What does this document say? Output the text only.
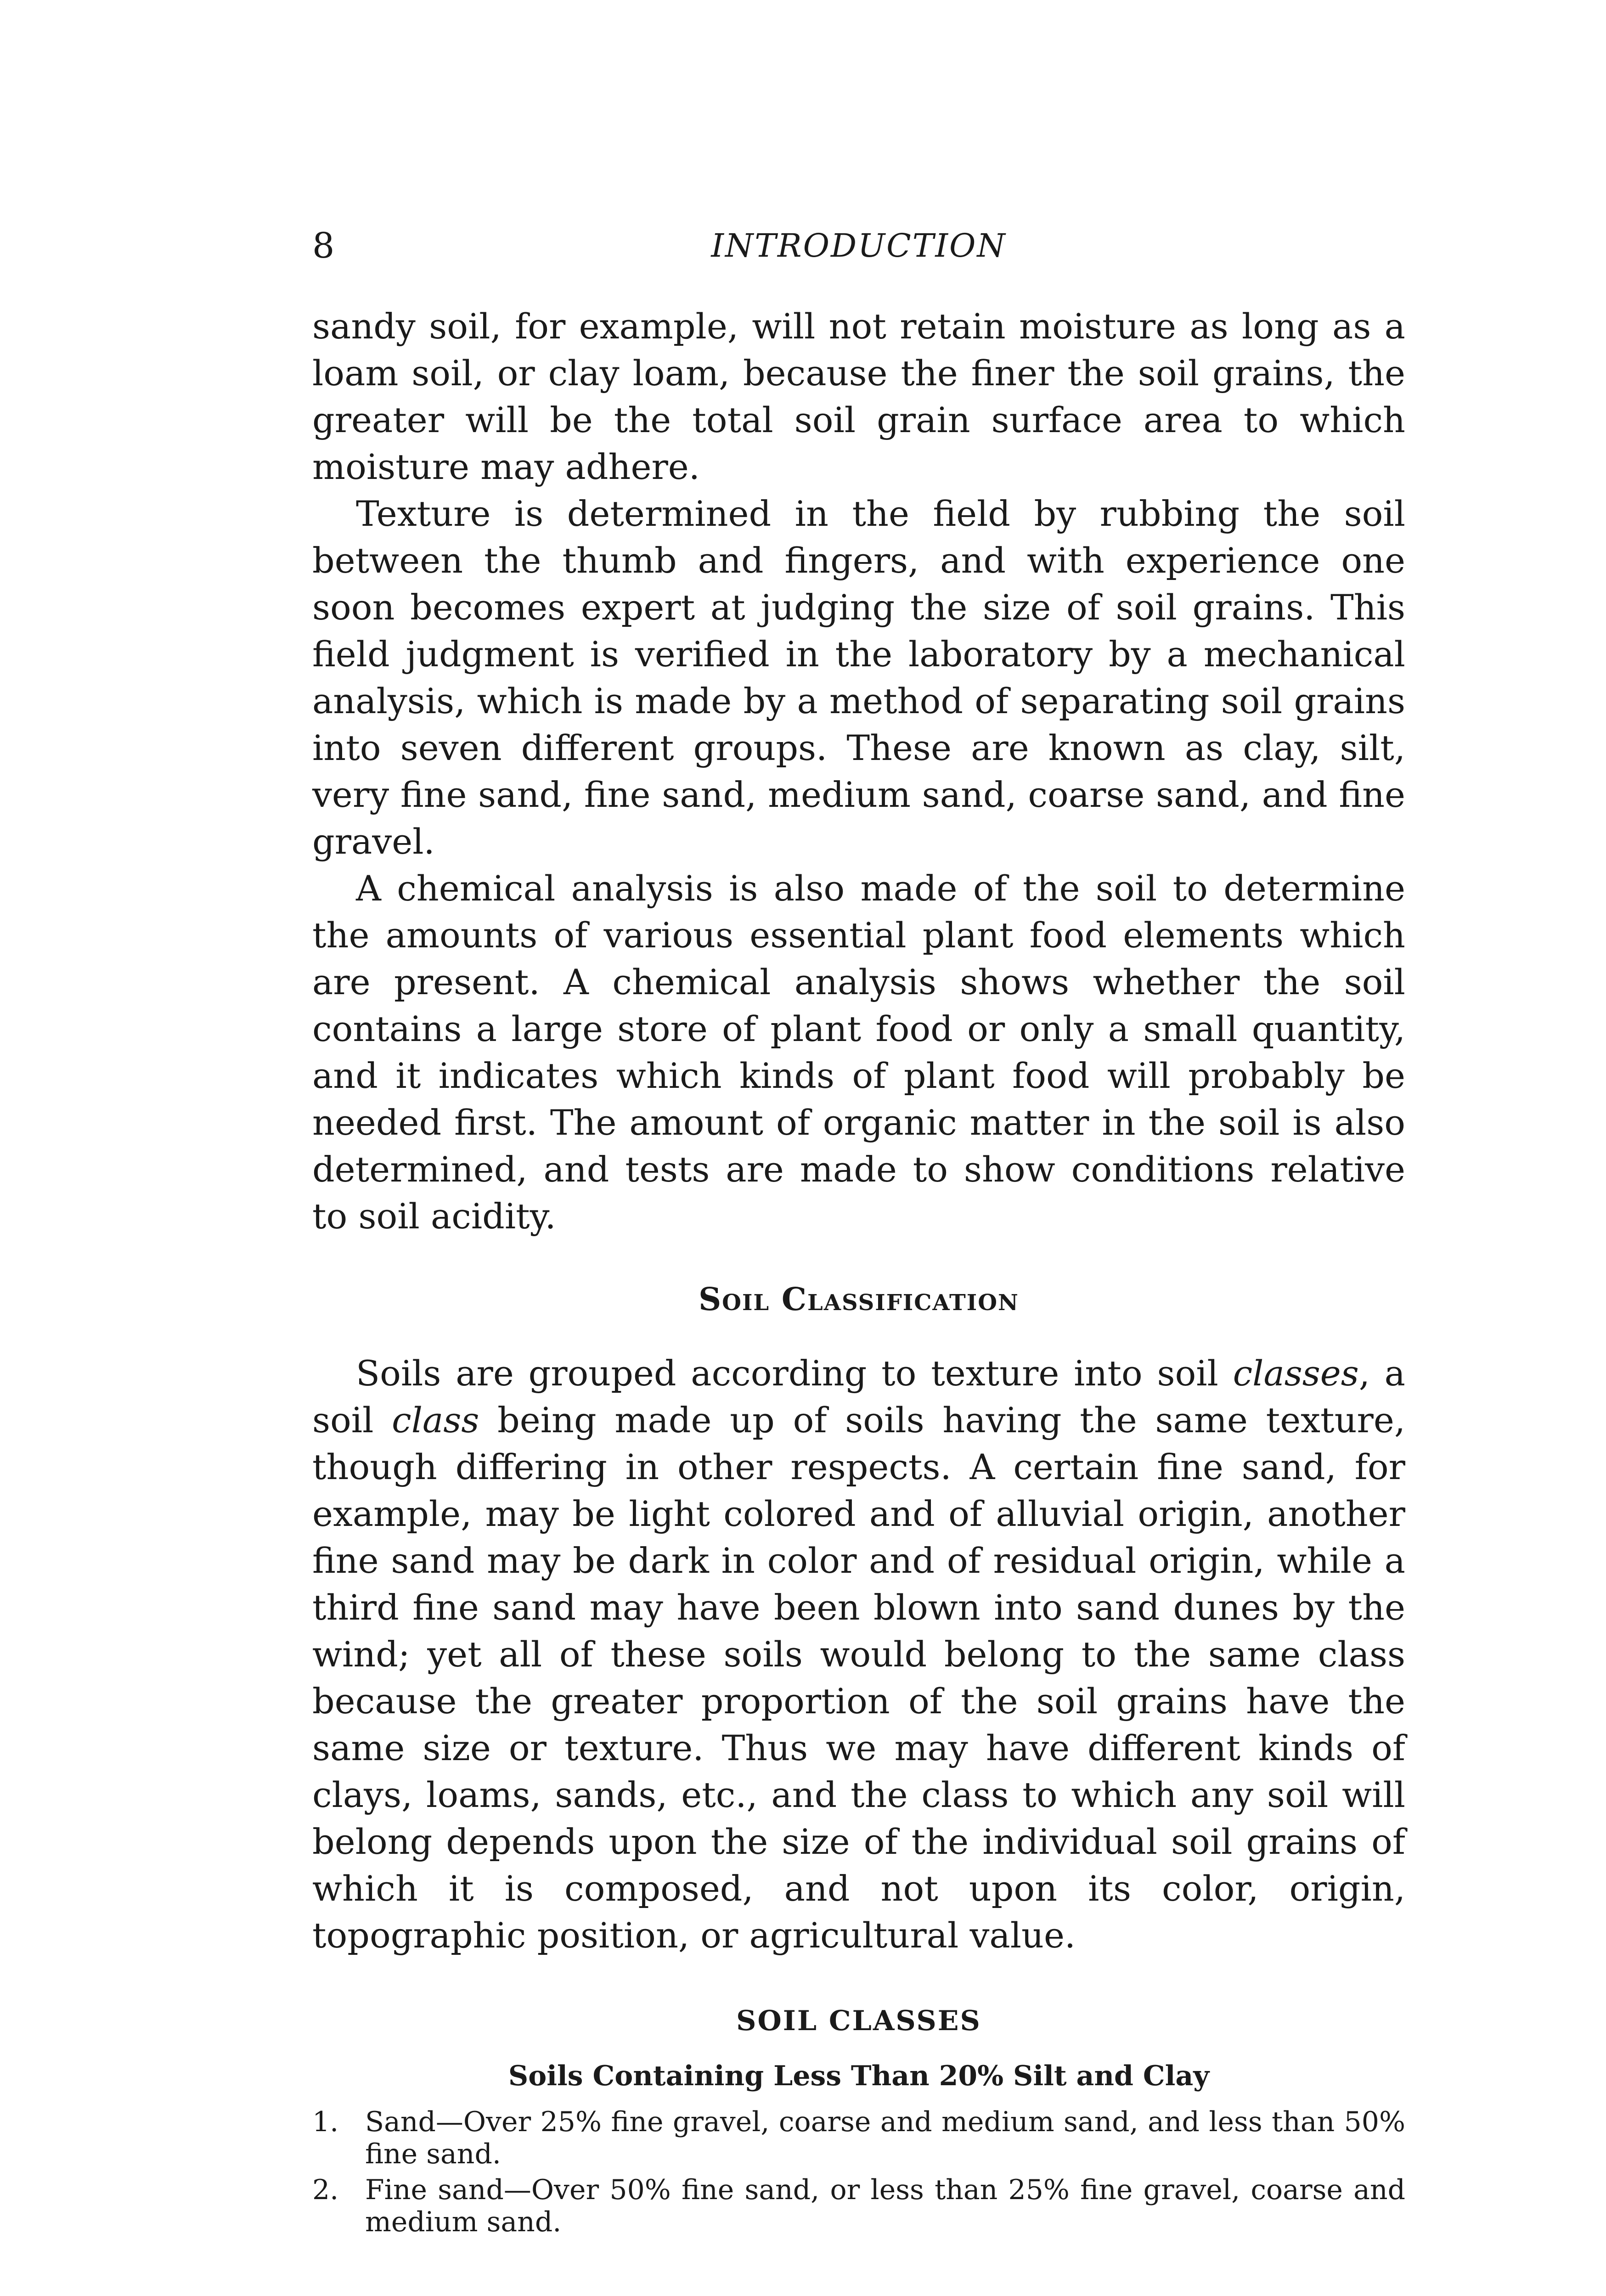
8	INTRODUCTION

sandy soil, for example, will not retain moisture as long as a loam soil, or clay loam, because the finer the soil grains, the greater will be the total soil grain surface area to which moisture may adhere.

Texture is determined in the field by rubbing the soil between the thumb and fingers, and with experience one soon becomes expert at judging the size of soil grains. This field judgment is verified in the laboratory by a mechanical analysis, which is made by a method of separating soil grains into seven different groups. These are known as clay, silt, very fine sand, fine sand, medium sand, coarse sand, and fine gravel.

A chemical analysis is also made of the soil to determine the amounts of various essential plant food elements which are present. A chemical analysis shows whether the soil contains a large store of plant food or only a small quantity, and it indicates which kinds of plant food will probably be needed first. The amount of organic matter in the soil is also determined, and tests are made to show conditions relative to soil acidity.

Soil Classification

Soils are grouped according to texture into soil classes, a soil class being made up of soils having the same texture, though differing in other respects. A certain fine sand, for example, may be light colored and of alluvial origin, another fine sand may be dark in color and of residual origin, while a third fine sand may have been blown into sand dunes by the wind; yet all of these soils would belong to the same class because the greater proportion of the soil grains have the same size or texture. Thus we may have different kinds of clays, loams, sands, etc., and the class to which any soil will belong depends upon the size of the individual soil grains of which it is composed, and not upon its color, origin, topographic position, or agricultural value.

SOIL CLASSES
Soils Containing Less Than 20% Silt and Clay
1. Sand—Over 25% fine gravel, coarse and medium sand, and less than 50% fine sand.
2. Fine sand—Over 50% fine sand, or less than 25% fine gravel, coarse and medium sand.
